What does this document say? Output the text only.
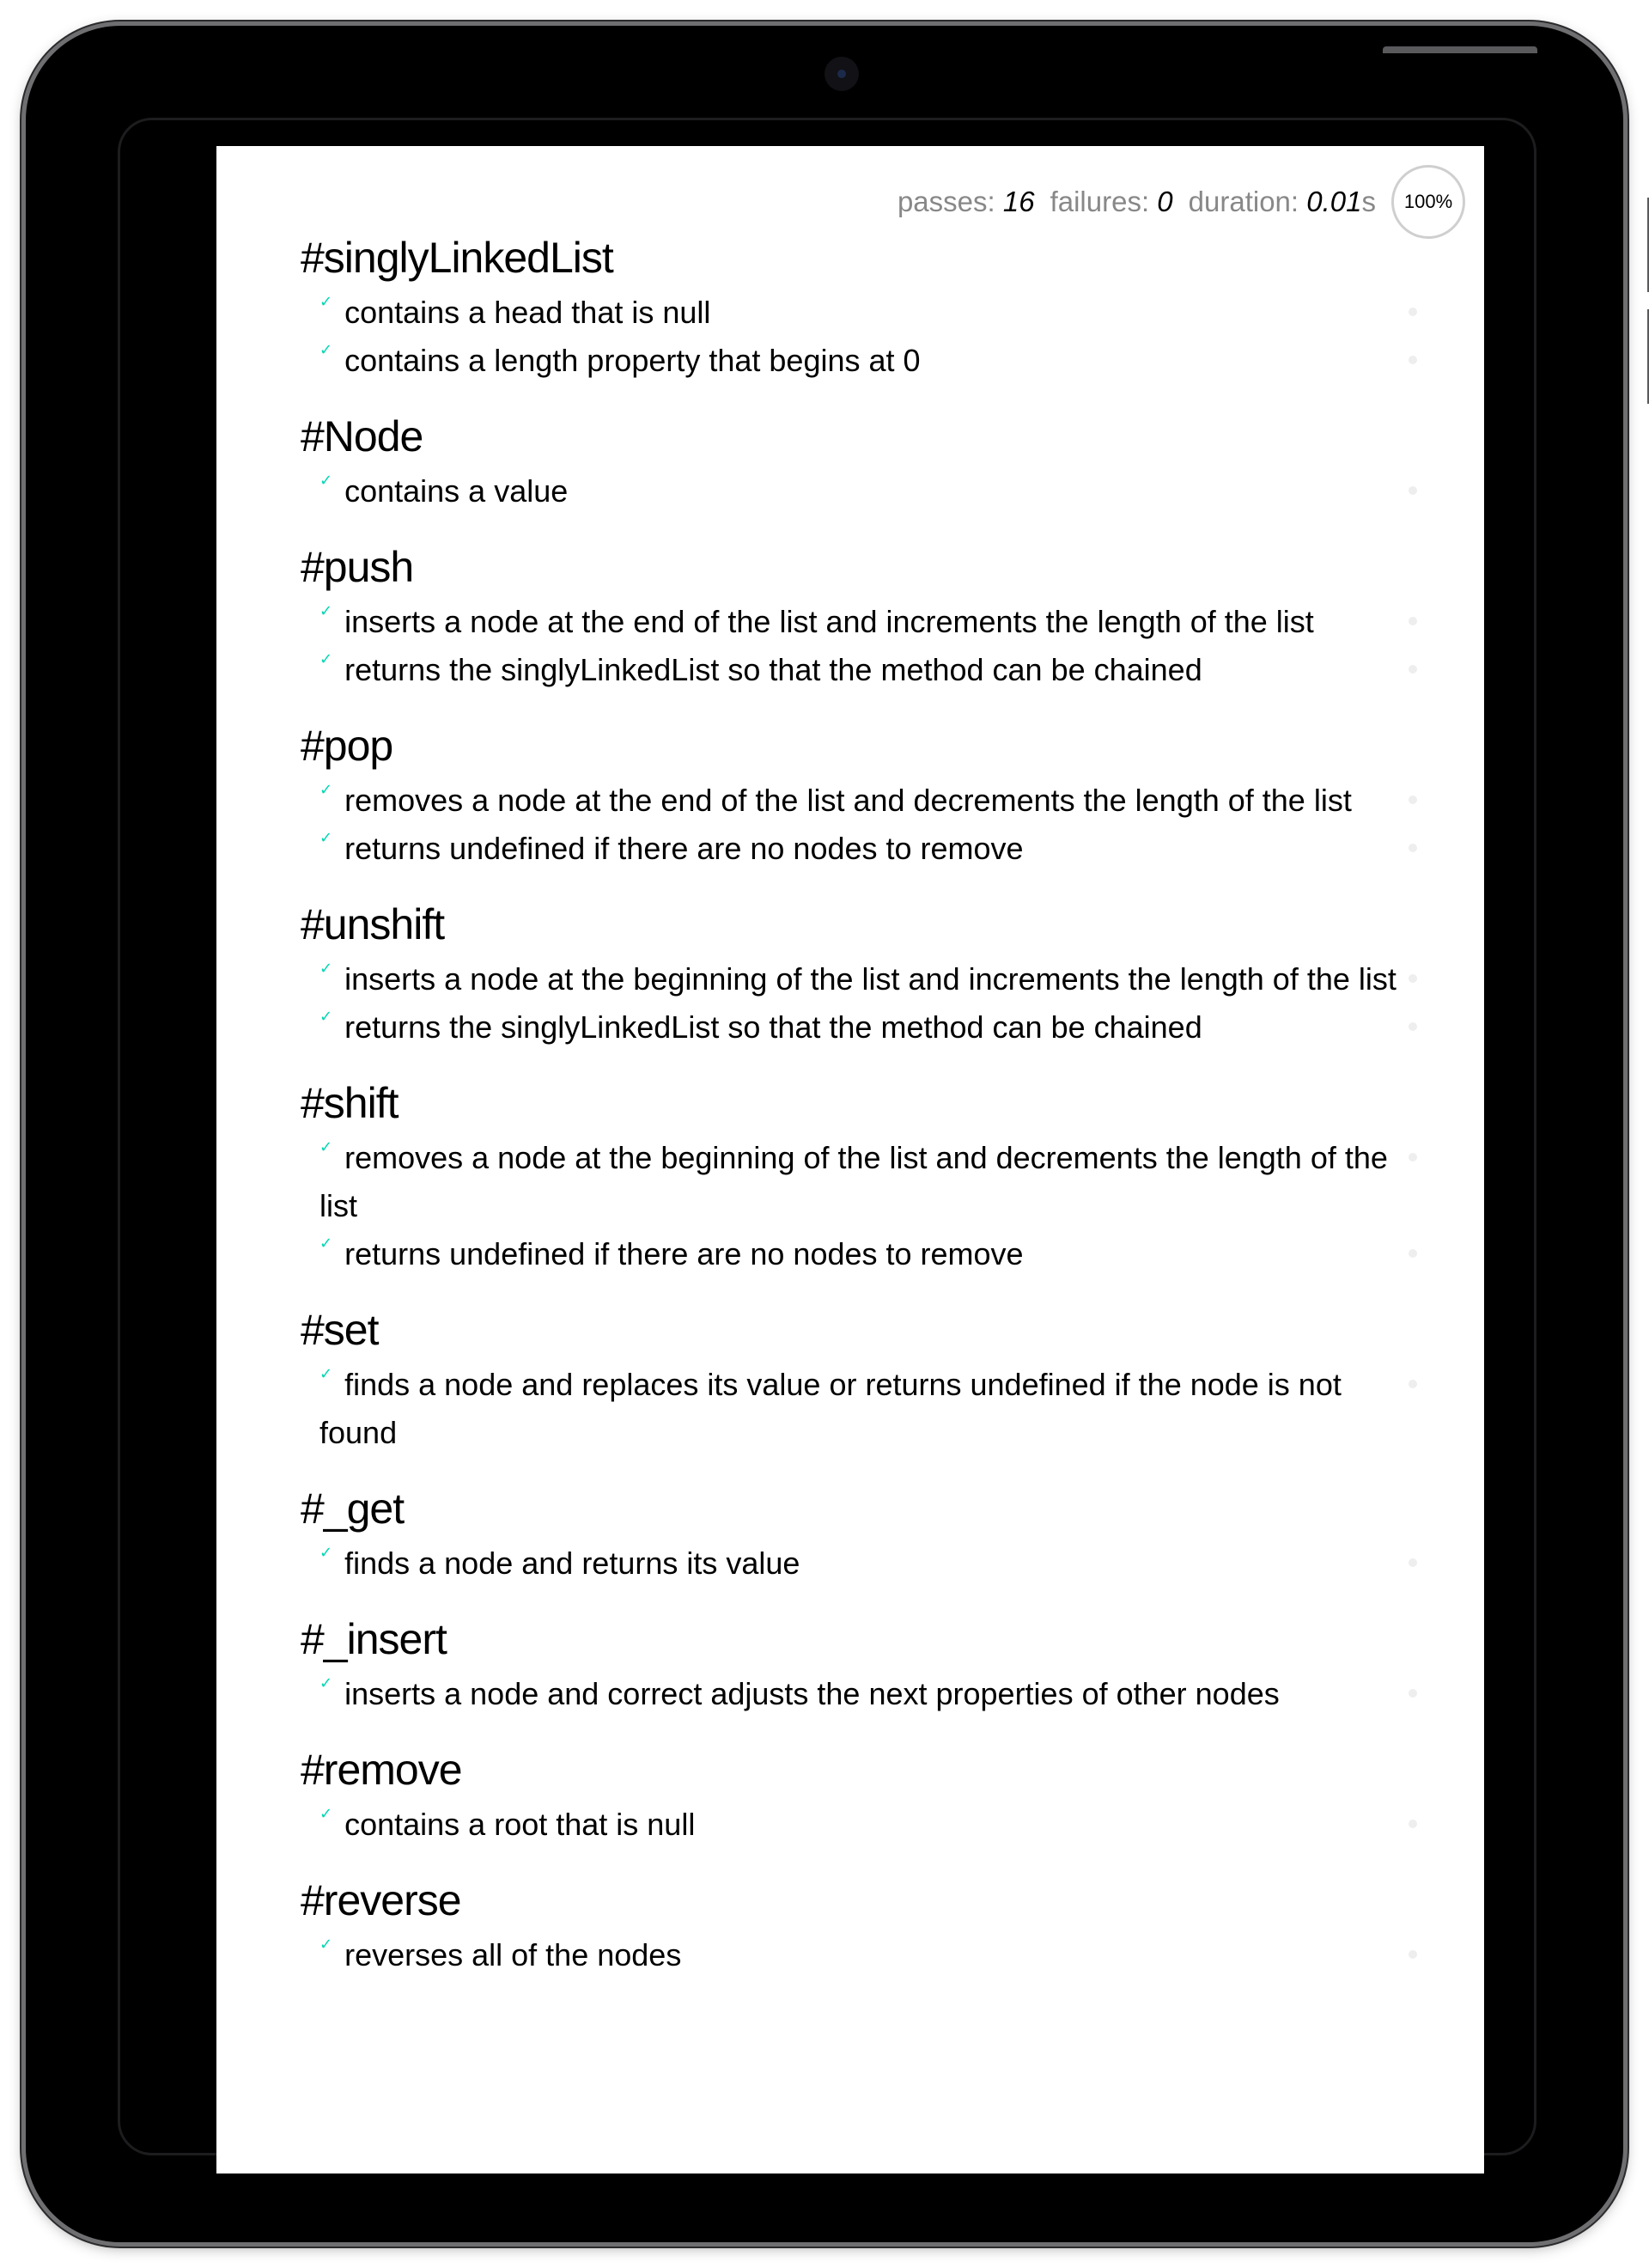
passes: 16 failures: 0 duration: 0.01s	100%
#singlyLinkedList
✓ contains a head that is null
✓ contains a length property that begins at 0
#Node
✓ contains a value
#push
✓ inserts a node at the end of the list and increments the length of the list
✓ returns the singlyLinkedList so that the method can be chained
#pop
✓ removes a node at the end of the list and decrements the length of the list
✓ returns undefined if there are no nodes to remove
#unshift
✓ inserts a node at the beginning of the list and increments the length of the list
✓ returns the singlyLinkedList so that the method can be chained
#shift
✓ removes a node at the beginning of the list and decrements the length of the list
✓ returns undefined if there are no nodes to remove
#set
✓ finds a node and replaces its value or returns undefined if the node is not found
#_get
✓ finds a node and returns its value
#_insert
✓ inserts a node and correct adjusts the next properties of other nodes
#remove
✓ contains a root that is null
#reverse
✓ reverses all of the nodes
